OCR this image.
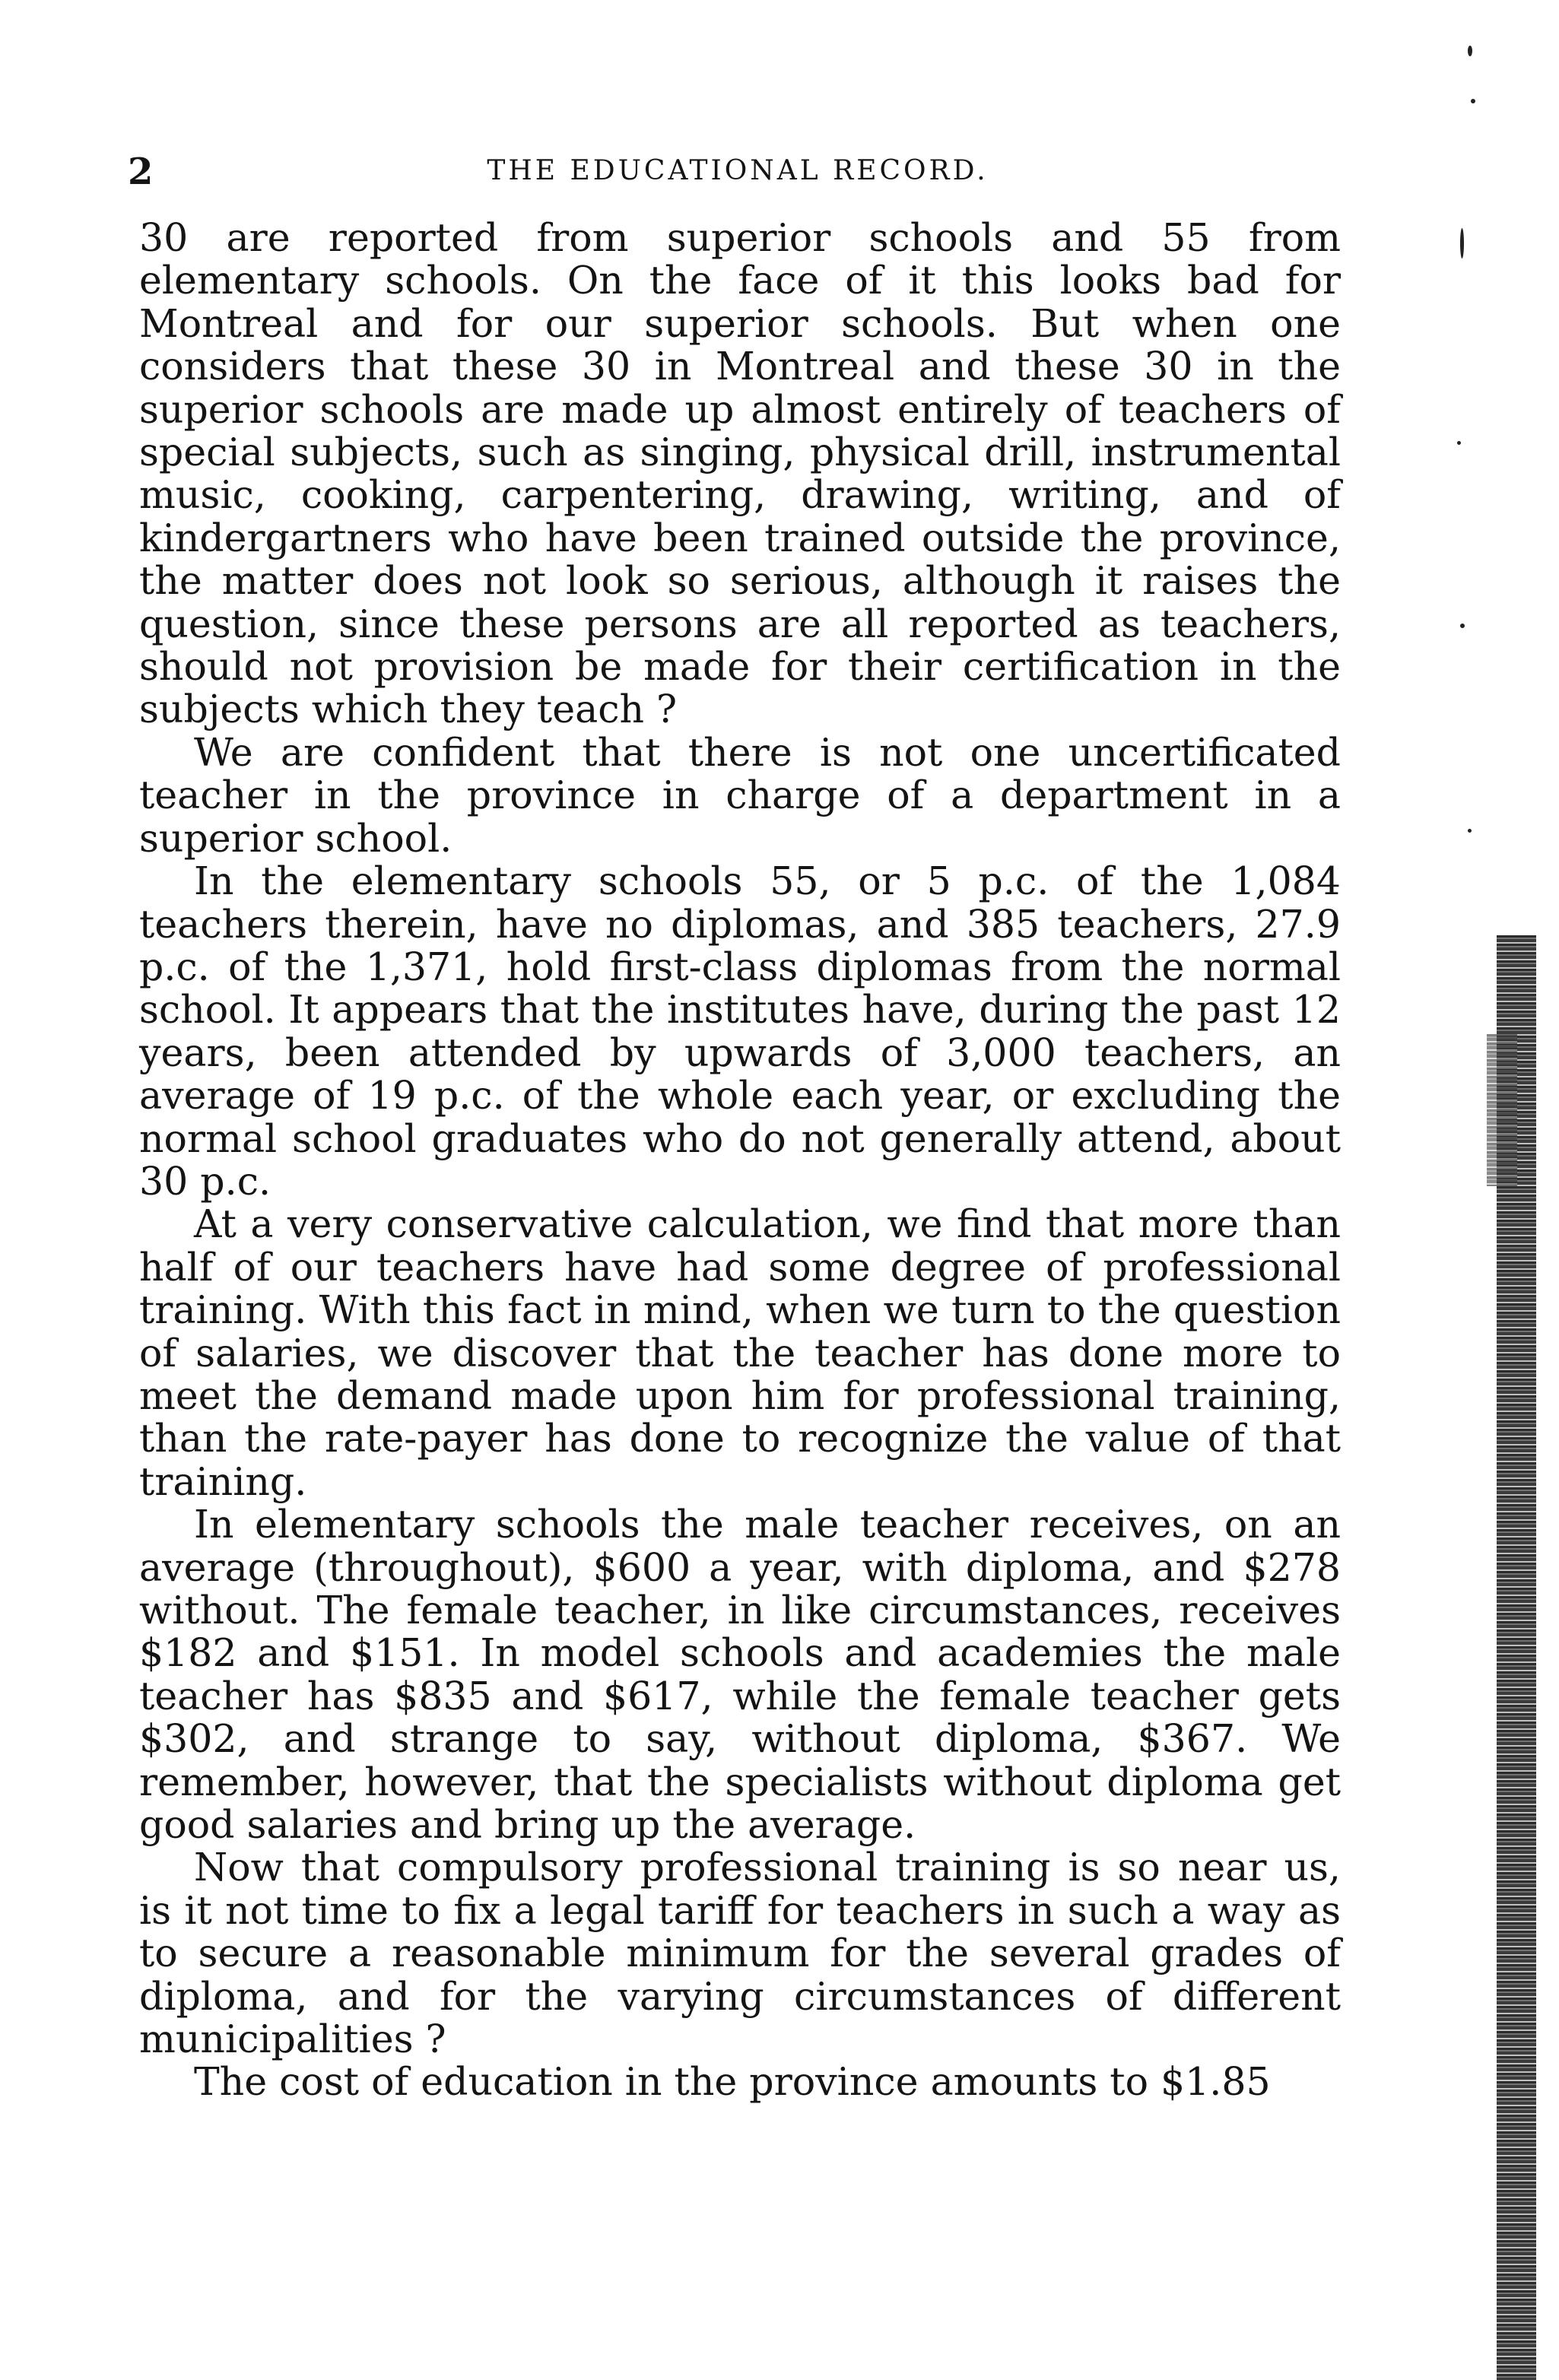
2	THE EDUCATIONAL RECORD.

30 are reported from superior schools and 55 from elementary schools. On the face of it this looks bad for Montreal and for our superior schools. But when one considers that these 30 in Montreal and these 30 in the superior schools are made up almost entirely of teachers of special subjects, such as singing, physical drill, instrumental music, cooking, carpentering, drawing, writing, and of kindergartners who have been trained outside the province, the matter does not look so serious, although it raises the question, since these persons are all reported as teachers, should not provision be made for their certification in the subjects which they teach ?

We are confident that there is not one uncertificated teacher in the province in charge of a department in a superior school.

In the elementary schools 55, or 5 p.c. of the 1,084 teachers therein, have no diplomas, and 385 teachers, 27.9 p.c. of the 1,371, hold first-class diplomas from the normal school. It appears that the institutes have, during the past 12 years, been attended by upwards of 3,000 teachers, an average of 19 p.c. of the whole each year, or excluding the normal school graduates who do not generally attend, about 30 p.c.

At a very conservative calculation, we find that more than half of our teachers have had some degree of professional training. With this fact in mind, when we turn to the question of salaries, we discover that the teacher has done more to meet the demand made upon him for professional training, than the rate-payer has done to recognize the value of that training.

In elementary schools the male teacher receives, on an average (throughout), $600 a year, with diploma, and $278 without. The female teacher, in like circumstances, receives $182 and $151. In model schools and academies the male teacher has $835 and $617, while the female teacher gets $302, and strange to say, without diploma, $367. We remember, however, that the specialists without diploma get good salaries and bring up the average.

Now that compulsory professional training is so near us, is it not time to fix a legal tariff for teachers in such a way as to secure a reasonable minimum for the several grades of diploma, and for the varying circumstances of different municipalities ?

The cost of education in the province amounts to $1.85
